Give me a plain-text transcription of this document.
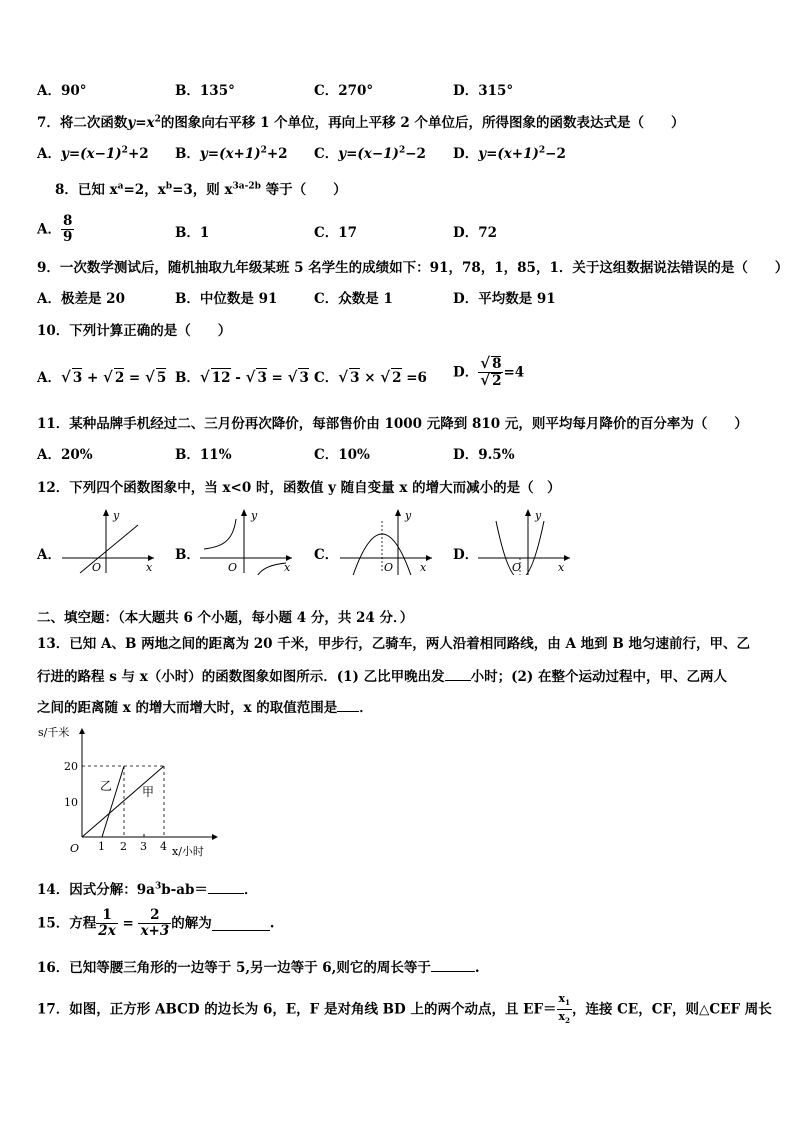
A．90°	B．135°	C．270°	D．315°
7．将二次函数$y=x^2$的图象向右平移 1 个单位，再向上平移 2 个单位后，所得图象的函数表达式是（　　）
A．$y=(x-1)^2+2$ B．$y=(x+1)^2+2$ C．$y=(x-1)^2-2$ D．$y=(x+1)^2-2$
8．已知 $x^a=2$，$x^b=3$，则 $x^{3a-2b}$ 等于（　　）
A． $\frac{8}{9}$	B．1	C．17	D．72
9．一次数学测试后，随机抽取九年级某班 5 名学生的成绩如下：91，78，1，85，1．关于这组数据说法错误的是（　　）
A．极差是 20	B．中位数是 91	C．众数是 1	D．平均数是 91
10．下列计算正确的是（　　）
A．√ 3 + √ 2 = √ 5 B．√ 12 - √ 3 = √ 3 C．√ 3 × √ 2 =6 D． $\frac{√ 8}{√ 2} =4$
11．某种品牌手机经过二、三月份再次降价，每部售价由 1000 元降到 810 元，则平均每月降价的百分率为（　　）
A．20%	B．11%	C．10%	D．9.5%
12．下列四个函数图象中，当 x<0 时，函数值 y 随自变量 x 的增大而减小的是（　）
A．	B．	C．	D．
y
x
O
y
x
O
y
x
O
y
x
O
二、填空题：（本大题共 6 个小题，每小题 4 分，共 24 分．）
13．已知 A、B 两地之间的距离为 20 千米，甲步行，乙骑车，两人沿着相同路线，由 A 地到 B 地匀速前行，甲、乙
行进的路程 s 与 x（小时）的函数图象如图所示．(1) 乙比甲晚出发 小时；(2) 在整个运动过程中，甲、乙两人
之间的距离随 x 的增大而增大时，x 的取值范围是 ．
s/千米
20
10
O 1 2 3 4 x/小时
乙 甲
14．因式分解：$9a^3b-ab=$	．
15．方程 $\frac{1}{2x} = \frac{2}{x+3}$ 的解为	.
16．已知等腰三角形的一边等于 5,另一边等于 6,则它的周长等于	.
17．如图，正方形 ABCD 的边长为 6，E，F 是对角线 BD 上的两个动点，且 $EF= \frac{x_1}{x_2}$ ，连接 CE，CF，则△CEF 周长
